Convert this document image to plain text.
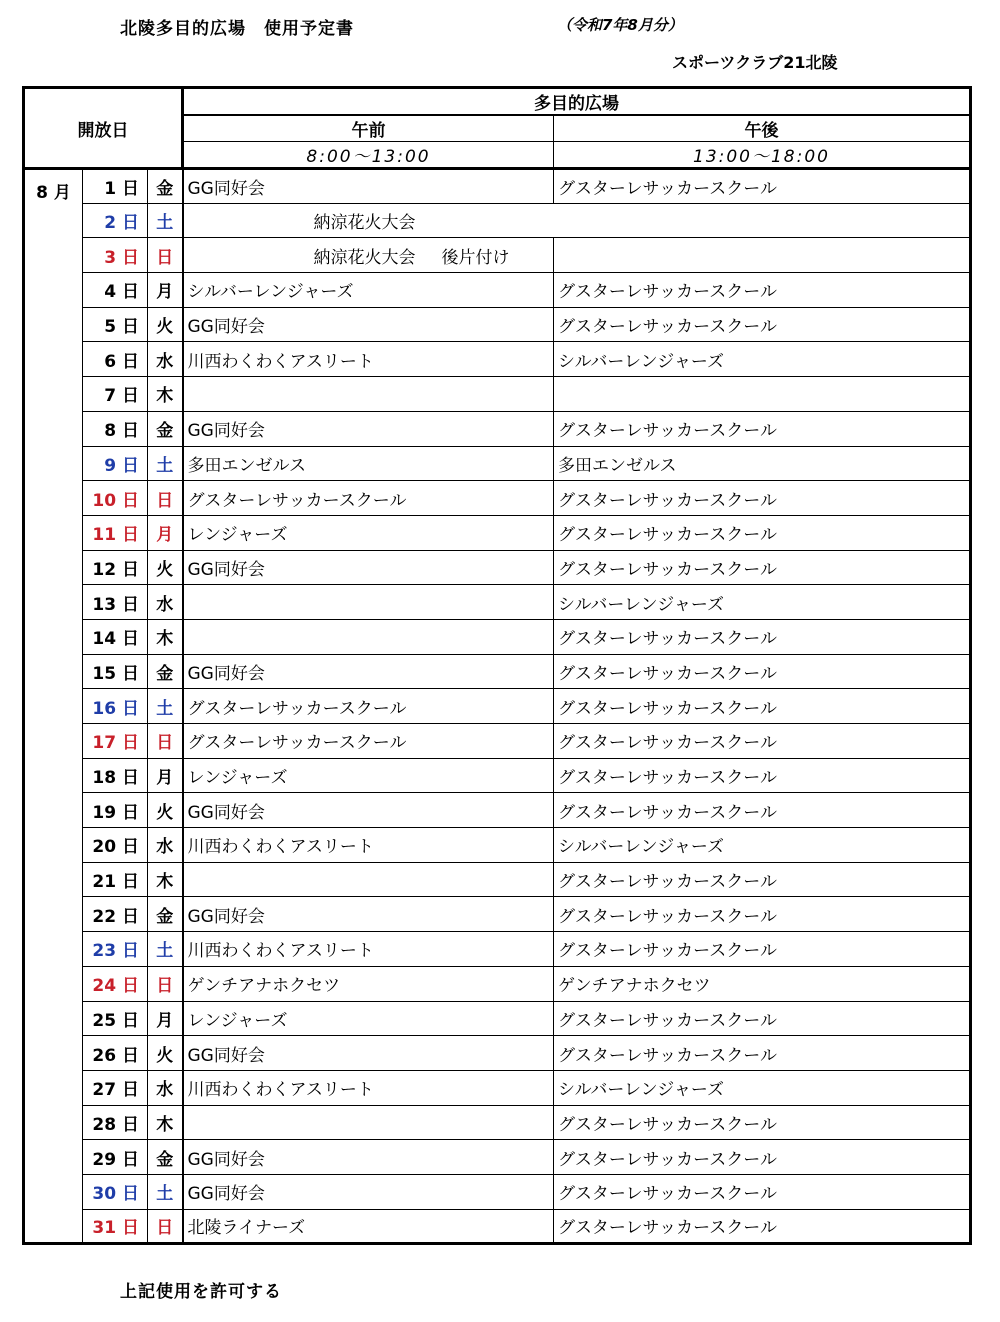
北陵多目的広場　使用予定書	（令和7年8月分）
スポーツクラブ21北陵
開放日			多目的広場	
			午前	午後
			8:00～13:00	13:00～18:00
8 月	1 日	金	GG同好会	グスターレサッカースクール
	2 日	土	納涼花火大会	
	3 日	日	納涼花火大会 後片付け	
	4 日	月	シルバーレンジャーズ	グスターレサッカースクール
	5 日	火	GG同好会	グスターレサッカースクール
	6 日	水	川西わくわくアスリート	シルバーレンジャーズ
	7 日	木		
	8 日	金	GG同好会	グスターレサッカースクール
	9 日	土	多田エンゼルス	多田エンゼルス
	10 日	日	グスターレサッカースクール	グスターレサッカースクール
	11 日	月	レンジャーズ	グスターレサッカースクール
	12 日	火	GG同好会	グスターレサッカースクール
	13 日	水		シルバーレンジャーズ
	14 日	木		グスターレサッカースクール
	15 日	金	GG同好会	グスターレサッカースクール
	16 日	土	グスターレサッカースクール	グスターレサッカースクール
	17 日	日	グスターレサッカースクール	グスターレサッカースクール
	18 日	月	レンジャーズ	グスターレサッカースクール
	19 日	火	GG同好会	グスターレサッカースクール
	20 日	水	川西わくわくアスリート	シルバーレンジャーズ
	21 日	木		グスターレサッカースクール
	22 日	金	GG同好会	グスターレサッカースクール
	23 日	土	川西わくわくアスリート	グスターレサッカースクール
	24 日	日	ゲンチアナホクセツ	ゲンチアナホクセツ
	25 日	月	レンジャーズ	グスターレサッカースクール
	26 日	火	GG同好会	グスターレサッカースクール
	27 日	水	川西わくわくアスリート	シルバーレンジャーズ
	28 日	木		グスターレサッカースクール
	29 日	金	GG同好会	グスターレサッカースクール
	30 日	土	GG同好会	グスターレサッカースクール
	31 日	日	北陵ライナーズ	グスターレサッカースクール
上記使用を許可する
